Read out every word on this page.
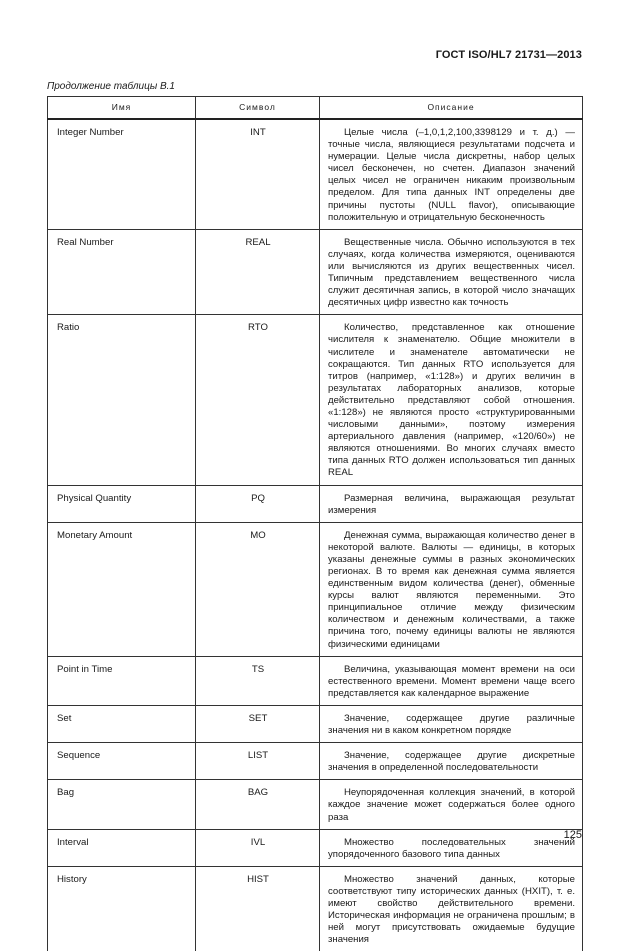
ГОСТ ISO/HL7 21731—2013
Продолжение таблицы В.1
Имя	Символ	Описание
Integer Number	INT	Целые числа (–1,0,1,2,100,3398129 и т. д.) — точные числа, являющиеся результатами подсчета и нумерации. Целые числа дискретны, набор целых чисел бесконечен, но счетен. Диапазон значений целых чисел не ограничен никаким произвольным пределом. Для типа данных INT определены две причины пустоты (NULL flavor), описывающие положительную и отрицательную бесконечность
Real Number	REAL	Вещественные числа. Обычно используются в тех случаях, когда количества измеряются, оцениваются или вычисляются из других вещественных чисел. Типичным представлением вещественного числа служит десятичная запись, в которой число значащих десятичных цифр известно как точность
Ratio	RTO	Количество, представленное как отношение числителя к знаменателю. Общие множители в числителе и знаменателе автоматически не сокращаются. Тип данных RTO используется для титров (например, «1:128») и других величин в результатах лабораторных анализов, которые действительно представляют собой отношения. «1:128») не являются просто «структурированными числовыми данными», поэтому измерения артериального давления (например, «120/60») не являются отношениями. Во многих случаях вместо типа данных RTO должен использоваться тип данных REAL
Physical Quantity	PQ	Размерная величина, выражающая результат измерения
Monetary Amount	MO	Денежная сумма, выражающая количество денег в некоторой валюте. Валюты — единицы, в которых указаны денежные суммы в разных экономических регионах. В то время как денежная сумма является единственным видом количества (денег), обменные курсы валют являются переменными. Это принципиальное отличие между физическим количеством и денежным количествами, а также причина того, почему единицы валюты не являются физическими единицами
Point in Time	TS	Величина, указывающая момент времени на оси естественного времени. Момент времени чаще всего представляется как календарное выражение
Set	SET	Значение, содержащее другие различные значения ни в каком конкретном порядке
Sequence	LIST	Значение, содержащее другие дискретные значения в определенной последовательности
Bag	BAG	Неупорядоченная коллекция значений, в которой каждое значение может содержаться более одного раза
Interval	IVL	Множество последовательных значений упорядоченного базового типа данных
History	HIST	Множество значений данных, которые соответствуют типу исторических данных (HXIT), т. е. имеют свойство действительного времени. Историческая информация не ограничена прошлым; в ней могут присутствовать ожидаемые будущие значения
125
